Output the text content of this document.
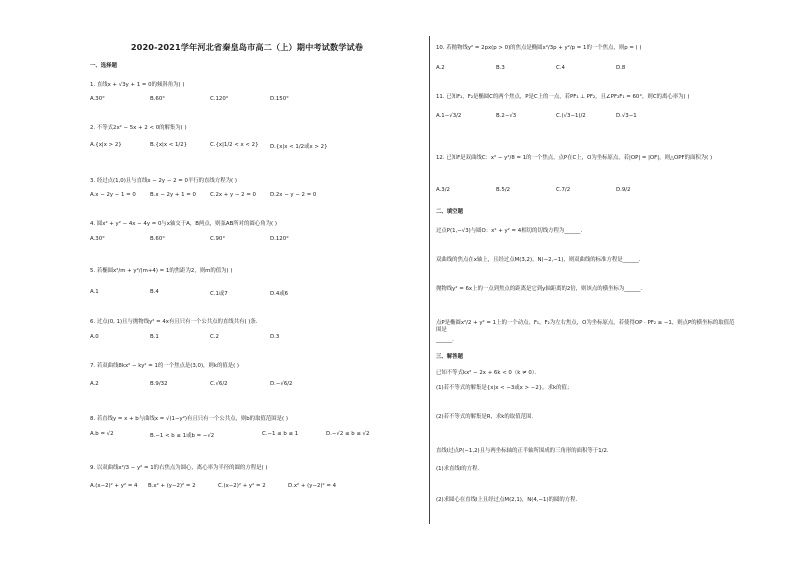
2020-2021学年河北省秦皇岛市高二（上）期中考试数学试卷
一、选择题
1. 直线x + √3y + 1 = 0的倾斜角为( )
A.30°	B.60°	C.120°	D.150°
2. 不等式2x² − 5x + 2 < 0的解集为( )
A.{x|x > 2}	B.{x|x < 1/2}	C.{x|1/2 < x < 2} D.{x|x < 1/2或x > 2}
3. 经过点(1,0)且与直线x − 2y − 2 = 0平行的直线方程为( )
A.x − 2y − 1 = 0	B.x − 2y + 1 = 0	C.2x + y − 2 = 0	D.2x − y − 2 = 0
4. 圆x² + y² − 4x − 4y = 0与x轴交于A，B两点，则弦AB所对的圆心角为( )
A.30°	B.60°	C.90°	D.120°
5. 若椭圆x²/m + y²/(m+4) = 1的焦距为2，则m的值为( )
A.1	B.4	C.1或7	D.4或6
6. 过点(0, 1)且与抛物线y² = 4x有且只有一个公共点的直线共有( )条．
A.0	B.1	C.2	D.3
7. 若双曲线8kx² − ky² = 1的一个焦点是(3,0)，则k的值是( )
A.2	B.9/32	C.√6/2	D.−√6/2
8. 若直线y = x + b与曲线x = √(1−y²)有且只有一个公共点，则b的取值范围是( )
A.b = √2	B.−1 < b ≤ 1或b = −√2	C.−1 ≤ b ≤ 1	D.−√2 ≤ b ≤ √2
9. 以双曲线x²/3 − y² = 1的右焦点为圆心，离心率为半径的圆的方程是( )
A.(x−2)² + y² = 4 B.x² + (y−2)² = 2	C.(x−2)² + y² = 2	D.x² + (y−2)² = 4
10. 若抛物线y² = 2px(p > 0)的焦点是椭圆x²/3p + y²/p = 1的一个焦点，则p = ( )
A.2	B.3	C.4	D.8
11. 已知F₁，F₂是椭圆C的两个焦点，P是C上的一点，若PF₁ ⊥ PF₂，且∠PF₂F₁ = 60°，则C的离心率为( )
A.1−√3/2	B.2−√3	C.(√3−1)/2	D.√3−1
12. 已知F是双曲线C：x² − y²/8 = 1的一个焦点，点P在C上，O为坐标原点，若|OP| = |OF|，则△OPF的面积为( )
A.3/2	B.5/2	C.7/2	D.9/2
二、填空题
过点P(1,−√3)与圆O：x² + y² = 4相切的切线方程为______．
双曲线的焦点在x轴上，且经过点M(3,2)，N(−2,−1)，则双曲线的标准方程是______．
抛物线y² = 6x上的一点到焦点的距离是它到y轴距离的2倍，则该点的横坐标为______．
点P是椭圆x²/2 + y² = 1上的一个动点，F₁，F₂为左右焦点，O为坐标原点，若使得OP · PF₂ ≥ −1，则点P的横坐标的取值范围是
______．
三、解答题
已知不等式kx² − 2x + 6k < 0（k ≠ 0）．
(1)若不等式的解集是{x|x < −3或x > −2}，求k的值；
(2)若不等式的解集是R，求k的取值范围．
直线l过点P(−1,2)且与两坐标轴的正半轴所围成的三角形的面积等于1/2．
(1)求直线l的方程．
(2)求圆心在直线l上且经过点M(2,1)，N(4,−1)的圆的方程．
